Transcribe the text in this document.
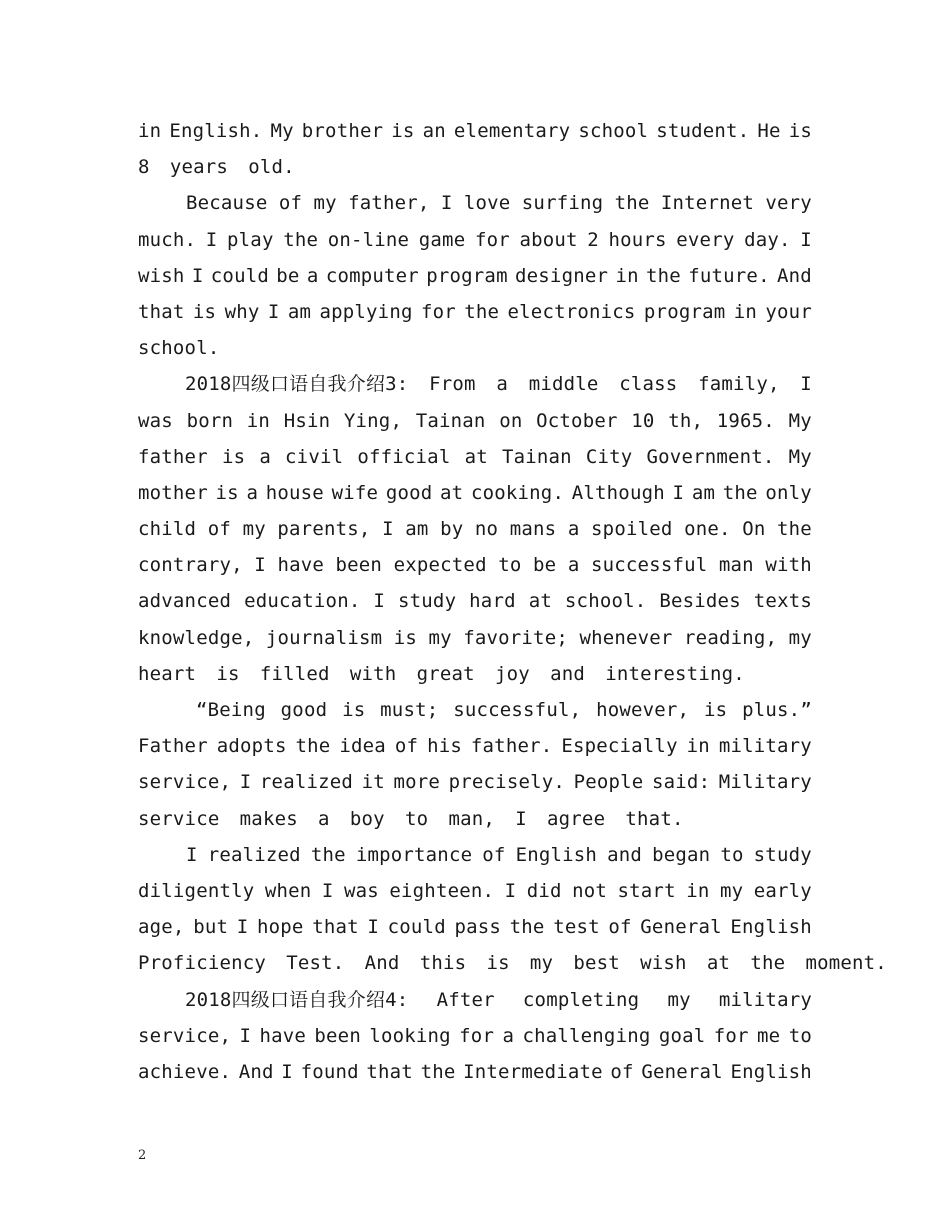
in English. My brother is an elementary school student. He is
8 years old.
Because of my father, I love surfing the Internet very
much. I play the on-line game for about 2 hours every day. I
wish I could be a computer program designer in the future. And
that is why I am applying for the electronics program in your
school.
2018四级口语自我介绍3: From a middle class family, I
was born in Hsin Ying, Tainan on October 10 th, 1965. My
father is a civil official at Tainan City Government. My
mother is a house wife good at cooking. Although I am the only
child of my parents, I am by no mans a spoiled one. On the
contrary, I have been expected to be a successful man with
advanced education. I study hard at school. Besides texts
knowledge, journalism is my favorite; whenever reading, my
heart is filled with great joy and interesting.
“Being good is must; successful, however, is plus.”
Father adopts the idea of his father. Especially in military
service, I realized it more precisely. People said: Military
service makes a boy to man, I agree that.
I realized the importance of English and began to study
diligently when I was eighteen. I did not start in my early
age, but I hope that I could pass the test of General English
Proficiency Test. And this is my best wish at the moment.
2018四级口语自我介绍4: After completing my military
service, I have been looking for a challenging goal for me to
achieve. And I found that the Intermediate of General English
2
